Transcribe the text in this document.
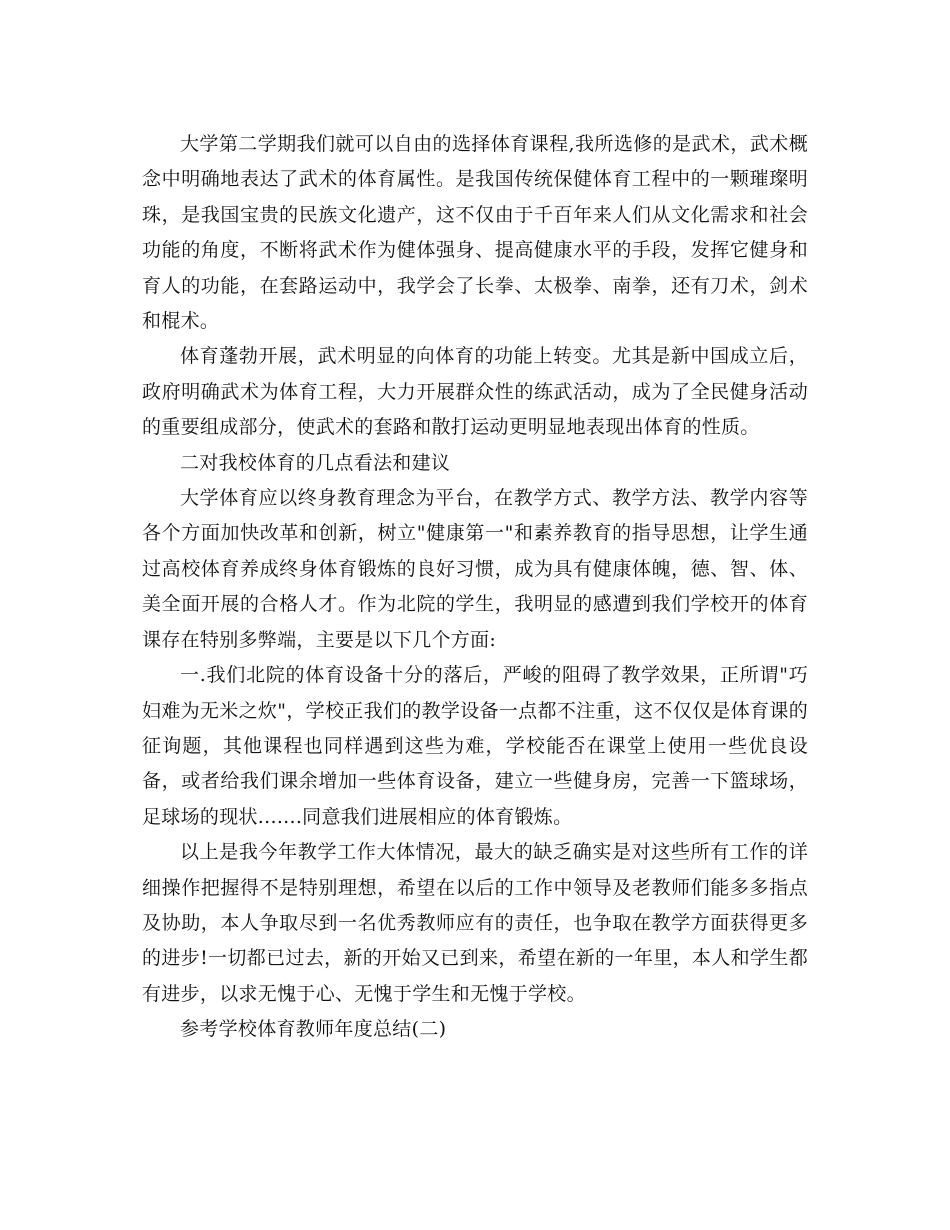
大学第二学期我们就可以自由的选择体育课程,我所选修的是武术，武术概念中明确地表达了武术的体育属性。是我国传统保健体育工程中的一颗璀璨明珠，是我国宝贵的民族文化遗产，这不仅由于千百年来人们从文化需求和社会功能的角度，不断将武术作为健体强身、提高健康水平的手段，发挥它健身和育人的功能，在套路运动中，我学会了长拳、太极拳、南拳，还有刀术，剑术和棍术。

体育蓬勃开展，武术明显的向体育的功能上转变。尤其是新中国成立后，政府明确武术为体育工程，大力开展群众性的练武活动，成为了全民健身活动的重要组成部分，使武术的套路和散打运动更明显地表现出体育的性质。

二对我校体育的几点看法和建议

大学体育应以终身教育理念为平台，在教学方式、教学方法、教学内容等各个方面加快改革和创新，树立"健康第一"和素养教育的指导思想，让学生通过高校体育养成终身体育锻炼的良好习惯，成为具有健康体魄，德、智、体、美全面开展的合格人才。作为北院的学生，我明显的感遭到我们学校开的体育课存在特别多弊端，主要是以下几个方面:

一.我们北院的体育设备十分的落后，严峻的阻碍了教学效果，正所谓"巧妇难为无米之炊"，学校正我们的教学设备一点都不注重，这不仅仅是体育课的征询题，其他课程也同样遇到这些为难，学校能否在课堂上使用一些优良设备，或者给我们课余增加一些体育设备，建立一些健身房，完善一下篮球场，足球场的现状.......同意我们进展相应的体育锻炼。

以上是我今年教学工作大体情况，最大的缺乏确实是对这些所有工作的详细操作把握得不是特别理想，希望在以后的工作中领导及老教师们能多多指点及协助，本人争取尽到一名优秀教师应有的责任，也争取在教学方面获得更多的进步!一切都已过去，新的开始又已到来，希望在新的一年里，本人和学生都有进步，以求无愧于心、无愧于学生和无愧于学校。

参考学校体育教师年度总结(二)
